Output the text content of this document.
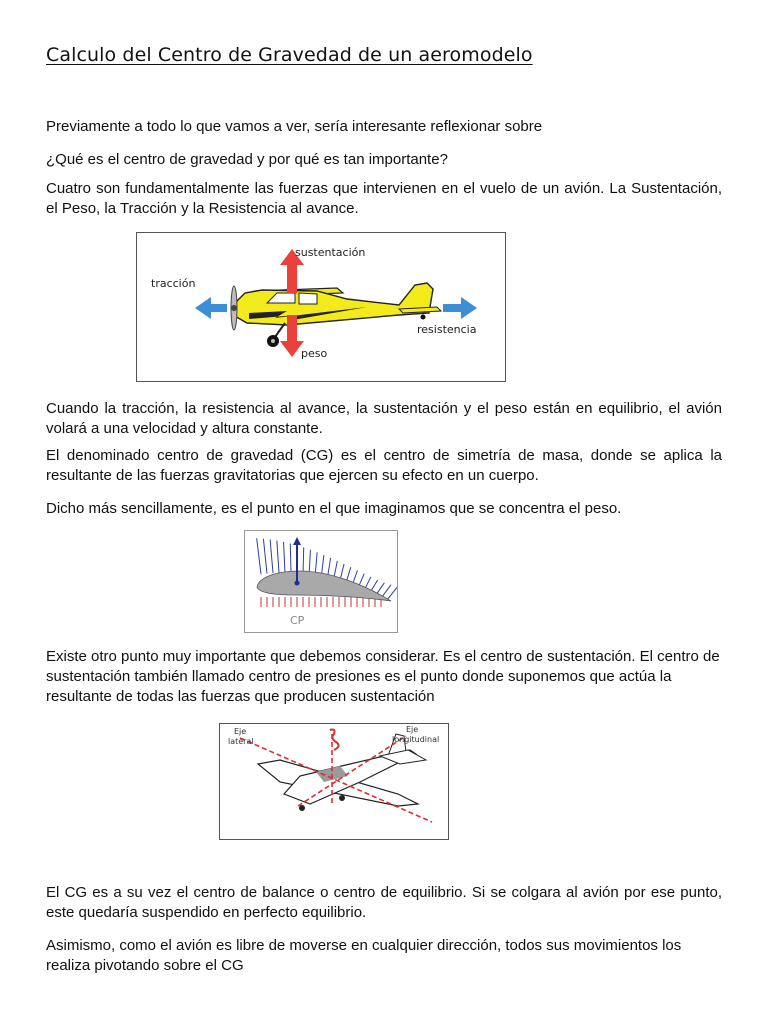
Calculo del Centro de Gravedad de un aeromodelo

Previamente a todo lo que vamos a ver, sería interesante reflexionar sobre

¿Qué es el centro de gravedad y por qué es tan importante?

Cuatro son fundamentalmente las fuerzas que intervienen en el vuelo de un avión. La Sustentación, el Peso, la Tracción y la Resistencia al avance.

sustentación
tracción
resistencia
peso

Cuando la tracción, la resistencia al avance, la sustentación y el peso están en equilibrio, el avión volará a una velocidad y altura constante.

El denominado centro de gravedad (CG) es el centro de simetría de masa, donde se aplica la resultante de las fuerzas gravitatorias que ejercen su efecto en un cuerpo.

Dicho más sencillamente, es el punto en el que imaginamos que se concentra el peso.

CP

Existe otro punto muy importante que debemos considerar. Es el centro de sustentación. El centro de sustentación también llamado centro de presiones es el punto donde suponemos que actúa la resultante de todas las fuerzas que producen sustentación

Eje
lateral
Eje
longitudinal

El CG es a su vez el centro de balance o centro de equilibrio. Si se colgara al avión por ese punto, este quedaría suspendido en perfecto equilibrio.

Asimismo, como el avión es libre de moverse en cualquier dirección, todos sus movimientos los realiza pivotando sobre el CG
